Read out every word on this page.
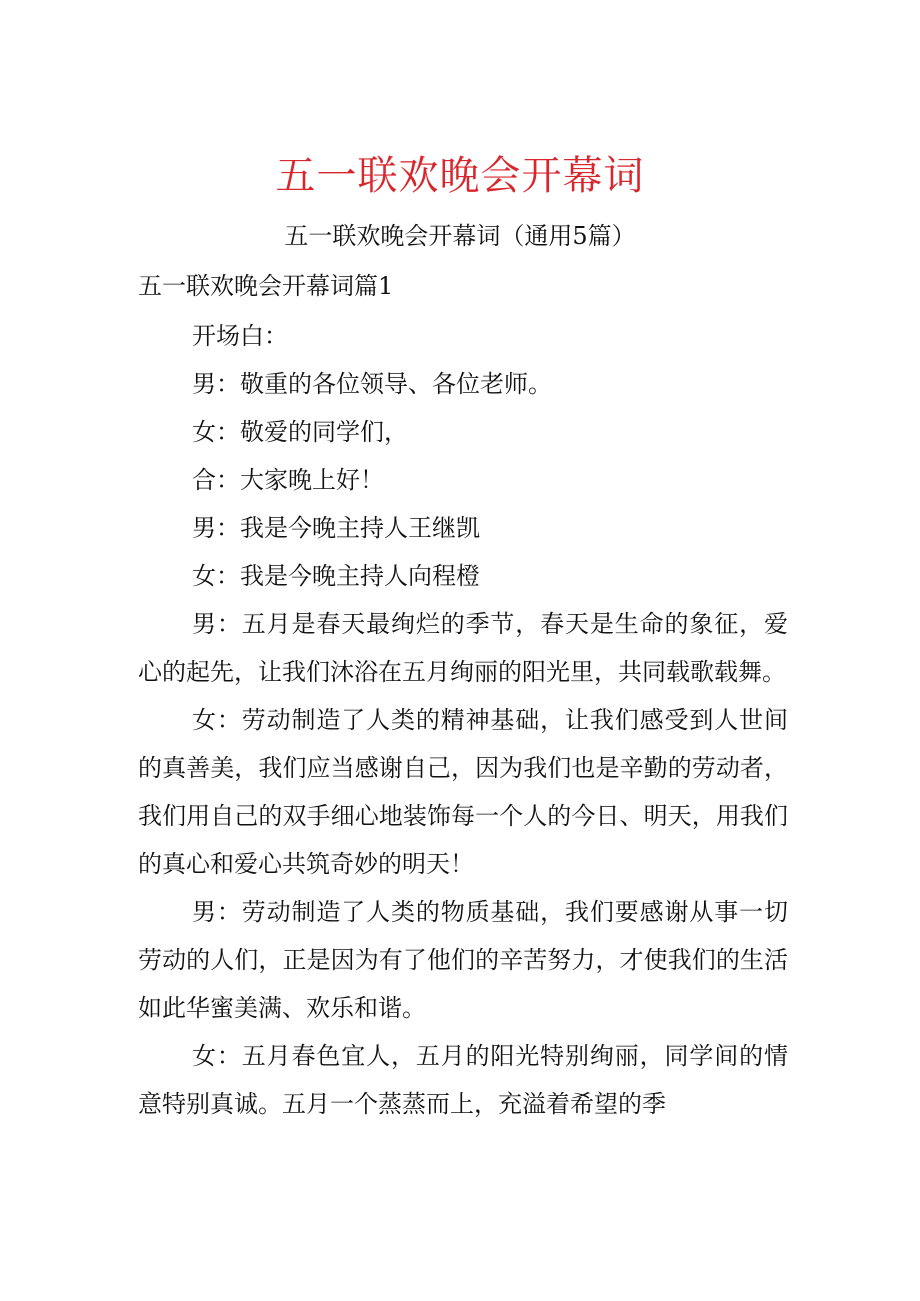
五一联欢晚会开幕词
五一联欢晚会开幕词（通用5篇）
五一联欢晚会开幕词篇1

开场白：

男：敬重的各位领导、各位老师。

女：敬爱的同学们，

合：大家晚上好！

男：我是今晚主持人王继凯

女：我是今晚主持人向程橙

男：五月是春天最绚烂的季节，春天是生命的象征，爱心的起先，让我们沐浴在五月绚丽的阳光里，共同载歌载舞。

女：劳动制造了人类的精神基础，让我们感受到人世间的真善美，我们应当感谢自己，因为我们也是辛勤的劳动者，我们用自己的双手细心地装饰每一个人的今日、明天，用我们的真心和爱心共筑奇妙的明天！

男：劳动制造了人类的物质基础，我们要感谢从事一切劳动的人们，正是因为有了他们的辛苦努力，才使我们的生活如此华蜜美满、欢乐和谐。

女：五月春色宜人，五月的阳光特别绚丽，同学间的情意特别真诚。五月一个蒸蒸而上，充溢着希望的季
